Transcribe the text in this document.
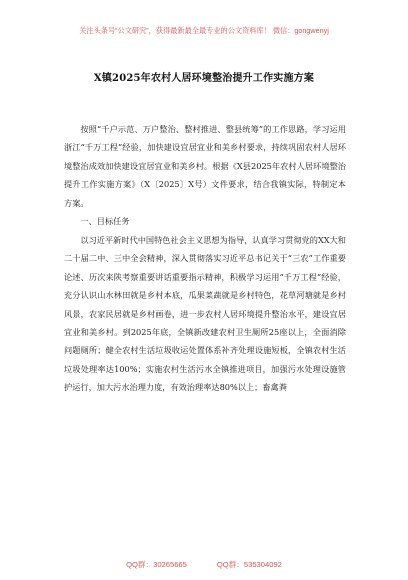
关注头条号“公文研究”，获得最新最全最专业的公文资料库！ 微信：gongwenyj
X镇2025年农村人居环境整治提升工作实施方案

按照“千户示范、万户整治、整村推进、整县统筹”的工作思路，学习运用浙江“千万工程”经验，加快建设宜居宜业和美乡村要求，持续巩固农村人居环境整治成效加快建设宜居宜业和美乡村。根据《X县2025年农村人居环境整治提升工作实施方案》（X〔2025〕X号）文件要求，结合我镇实际，特制定本方案。

一、目标任务

以习近平新时代中国特色社会主义思想为指导，认真学习贯彻党的XX大和二十届二中、三中全会精神，深入贯彻落实习近平总书记关于“三农”工作重要论述、历次来陕考察重要讲话重要指示精神，积极学习运用“千万工程”经验，充分认识山水林田就是乡村本底，瓜果菜蔬就是乡村特色，花草河塘就是乡村风景，农家民居就是乡村画卷，进一步农村人居环境提升整治水平，建设宜居宜业和美乡村。到2025年底，全镇新改建农村卫生厕所25座以上，全面消除问题厕所；健全农村生活垃圾收运处置体系补齐处理设施短板，全镇农村生活垃圾处理率达100%；实施农村生活污水全镇推进项目，加强污水处理设施管护运行，加大污水治理力度，有效治理率达80%以上；畜禽粪

QQ群：30265665	QQ群：535304092
